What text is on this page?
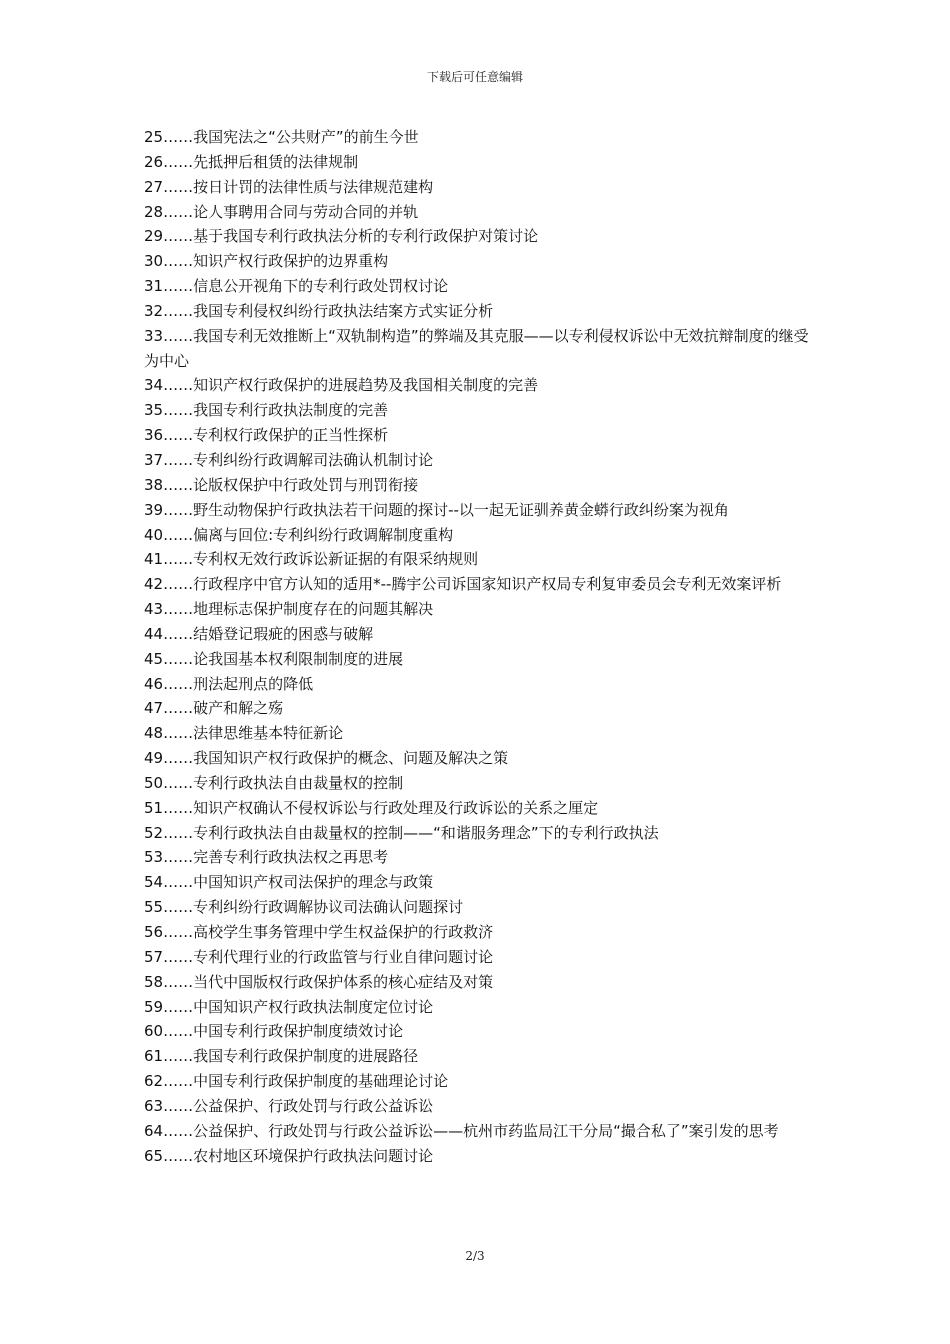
下载后可任意编辑

25……我国宪法之“公共财产”的前生今世

26……先抵押后租赁的法律规制

27……按日计罚的法律性质与法律规范建构

28……论人事聘用合同与劳动合同的并轨

29……基于我国专利行政执法分析的专利行政保护对策讨论

30……知识产权行政保护的边界重构

31……信息公开视角下的专利行政处罚权讨论

32……我国专利侵权纠纷行政执法结案方式实证分析

33……我国专利无效推断上“双轨制构造”的弊端及其克服——以专利侵权诉讼中无效抗辩制度的继受为中心

34……知识产权行政保护的进展趋势及我国相关制度的完善

35……我国专利行政执法制度的完善

36……专利权行政保护的正当性探析

37……专利纠纷行政调解司法确认机制讨论

38……论版权保护中行政处罚与刑罚衔接

39……野生动物保护行政执法若干问题的探讨--以一起无证驯养黄金蟒行政纠纷案为视角

40……偏离与回位:专利纠纷行政调解制度重构

41……专利权无效行政诉讼新证据的有限采纳规则

42……行政程序中官方认知的适用*--腾宇公司诉国家知识产权局专利复审委员会专利无效案评析

43……地理标志保护制度存在的问题其解决

44……结婚登记瑕疵的困惑与破解

45……论我国基本权利限制制度的进展

46……刑法起刑点的降低

47……破产和解之殇

48……法律思维基本特征新论

49……我国知识产权行政保护的概念、问题及解决之策

50……专利行政执法自由裁量权的控制

51……知识产权确认不侵权诉讼与行政处理及行政诉讼的关系之厘定

52……专利行政执法自由裁量权的控制——“和谐服务理念”下的专利行政执法

53……完善专利行政执法权之再思考

54……中国知识产权司法保护的理念与政策

55……专利纠纷行政调解协议司法确认问题探讨

56……高校学生事务管理中学生权益保护的行政救济

57……专利代理行业的行政监管与行业自律问题讨论

58……当代中国版权行政保护体系的核心症结及对策

59……中国知识产权行政执法制度定位讨论

60……中国专利行政保护制度绩效讨论

61……我国专利行政保护制度的进展路径

62……中国专利行政保护制度的基础理论讨论

63……公益保护、行政处罚与行政公益诉讼

64……公益保护、行政处罚与行政公益诉讼——杭州市药监局江干分局“撮合私了”案引发的思考

65……农村地区环境保护行政执法问题讨论

2/3
